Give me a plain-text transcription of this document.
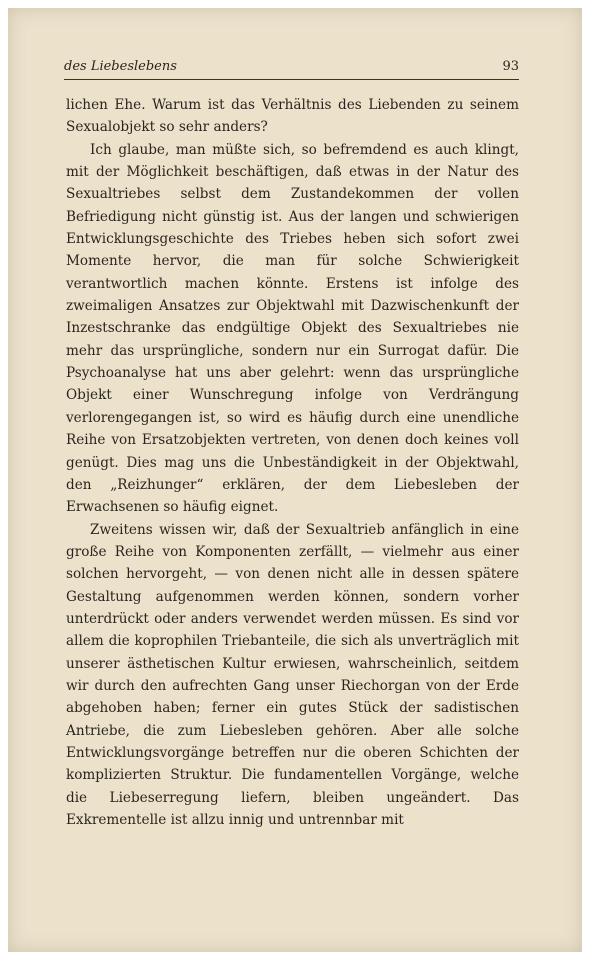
des Liebeslebens	93

lichen Ehe. Warum ist das Verhältnis des Liebenden zu seinem Sexualobjekt so sehr anders?

Ich glaube, man müßte sich, so befremdend es auch klingt, mit der Möglichkeit beschäftigen, daß etwas in der Natur des Sexualtriebes selbst dem Zustandekommen der vollen Befriedigung nicht günstig ist. Aus der langen und schwierigen Entwicklungsgeschichte des Triebes heben sich sofort zwei Momente hervor, die man für solche Schwierigkeit verantwortlich machen könnte. Erstens ist infolge des zweimaligen Ansatzes zur Objektwahl mit Dazwischenkunft der Inzestschranke das endgültige Objekt des Sexualtriebes nie mehr das ursprüngliche, sondern nur ein Surrogat dafür. Die Psychoanalyse hat uns aber gelehrt: wenn das ursprüngliche Objekt einer Wunschregung infolge von Verdrängung verlorengegangen ist, so wird es häufig durch eine unendliche Reihe von Ersatzobjekten vertreten, von denen doch keines voll genügt. Dies mag uns die Unbeständigkeit in der Objektwahl, den „Reizhunger“ erklären, der dem Liebesleben der Erwachsenen so häufig eignet.

Zweitens wissen wir, daß der Sexualtrieb anfänglich in eine große Reihe von Komponenten zerfällt, — vielmehr aus einer solchen hervorgeht, — von denen nicht alle in dessen spätere Gestaltung aufgenommen werden können, sondern vorher unterdrückt oder anders verwendet werden müssen. Es sind vor allem die koprophilen Triebanteile, die sich als unverträglich mit unserer ästhetischen Kultur erwiesen, wahrscheinlich, seitdem wir durch den aufrechten Gang unser Riechorgan von der Erde abgehoben haben; ferner ein gutes Stück der sadistischen Antriebe, die zum Liebesleben gehören. Aber alle solche Entwicklungsvorgänge betreffen nur die oberen Schichten der komplizierten Struktur. Die fundamentellen Vorgänge, welche die Liebeserregung liefern, bleiben ungeändert. Das Exkrementelle ist allzu innig und untrennbar mit
